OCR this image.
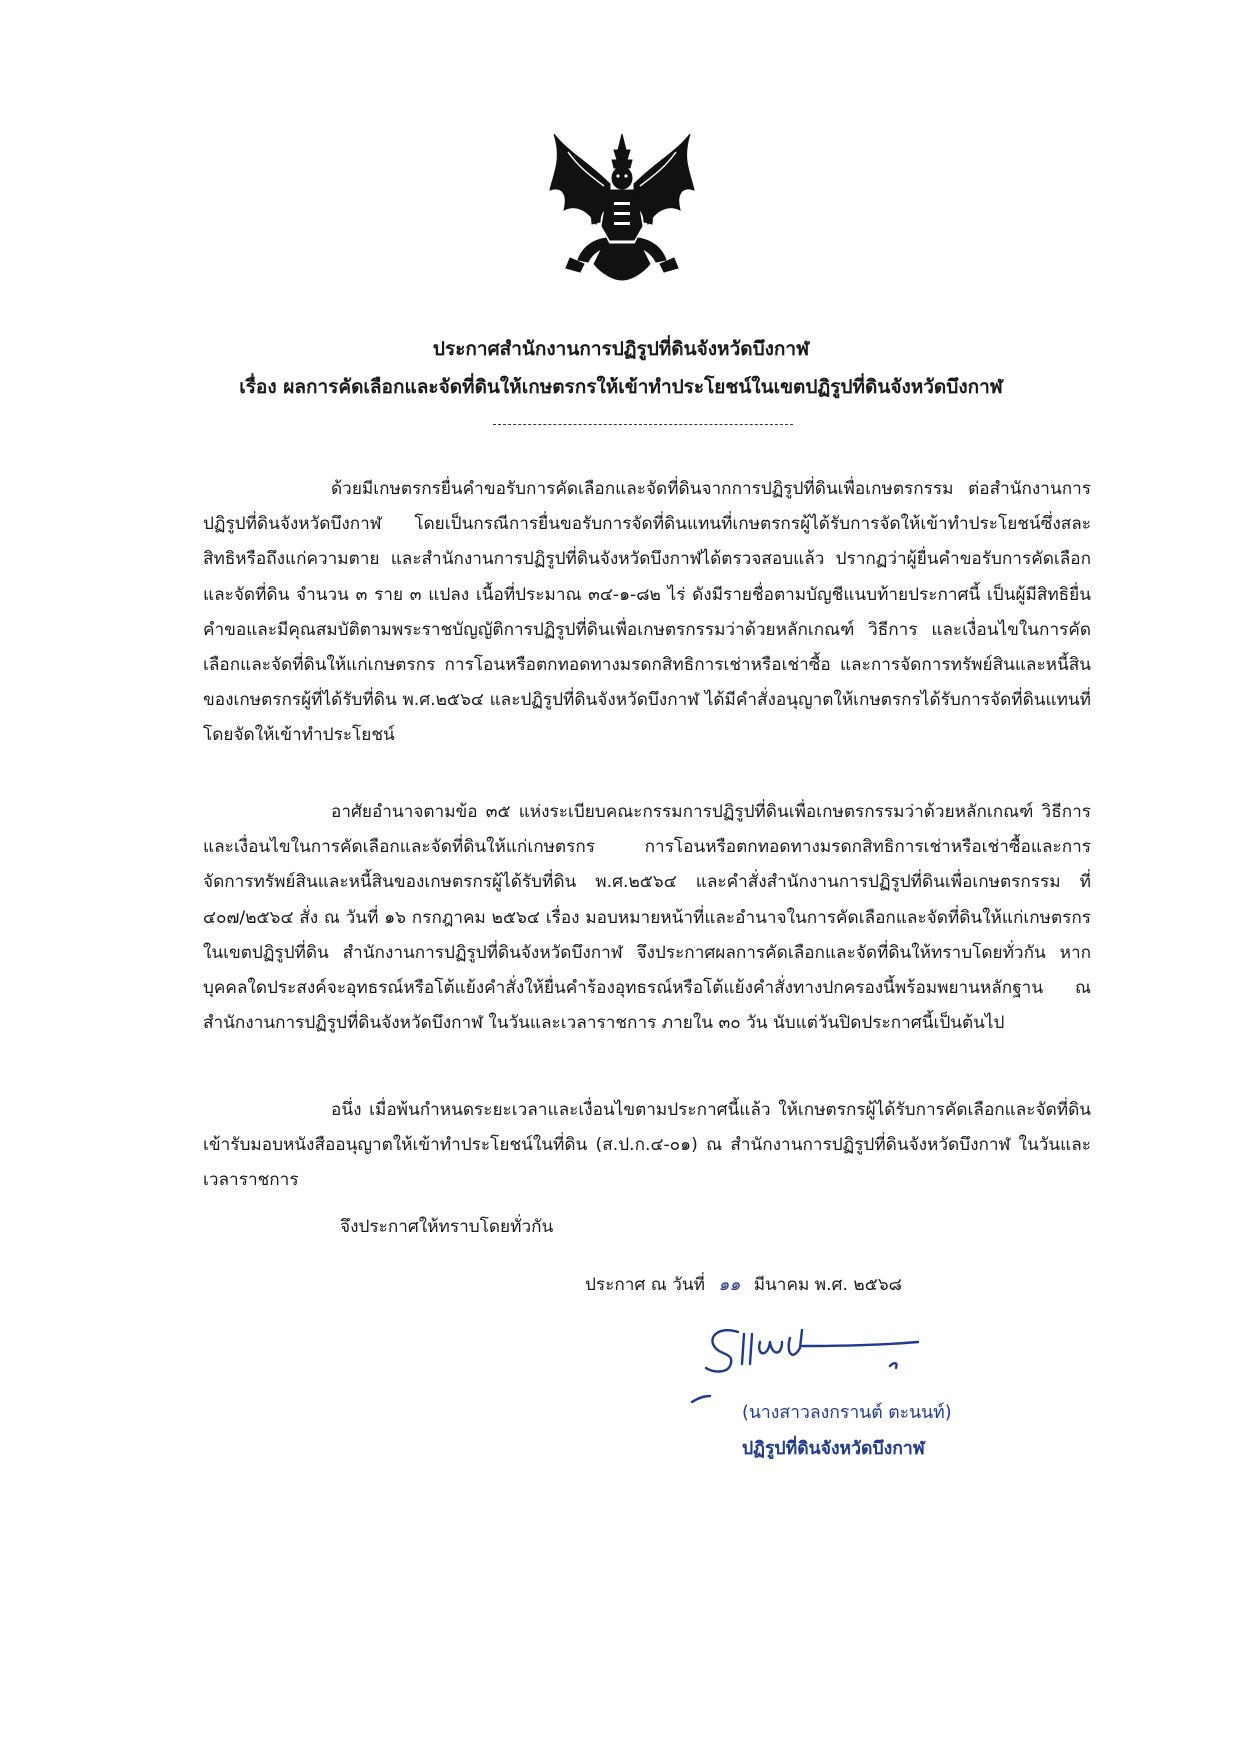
ประกาศสำนักงานการปฏิรูปที่ดินจังหวัดบึงกาฬ
เรื่อง ผลการคัดเลือกและจัดที่ดินให้เกษตรกรให้เข้าทำประโยชน์ในเขตปฏิรูปที่ดินจังหวัดบึงกาฬ

ด้วยมีเกษตรกรยื่นคำขอรับการคัดเลือกและจัดที่ดินจากการปฏิรูปที่ดินเพื่อเกษตรกรรม ต่อสำนักงานการปฏิรูปที่ดินจังหวัดบึงกาฬ โดยเป็นกรณีการยื่นขอรับการจัดที่ดินแทนที่เกษตรกรผู้ได้รับการจัดให้เข้าทำประโยชน์ซึ่งสละสิทธิหรือถึงแก่ความตาย และสำนักงานการปฏิรูปที่ดินจังหวัดบึงกาฬได้ตรวจสอบแล้ว ปรากฏว่าผู้ยื่นคำขอรับการคัดเลือกและจัดที่ดิน จำนวน ๓ ราย ๓ แปลง เนื้อที่ประมาณ ๓๔-๑-๘๒ ไร่ ดังมีรายชื่อตามบัญชีแนบท้ายประกาศนี้ เป็นผู้มีสิทธิยื่นคำขอและมีคุณสมบัติตามพระราชบัญญัติการปฏิรูปที่ดินเพื่อเกษตรกรรมว่าด้วยหลักเกณฑ์ วิธีการ และเงื่อนไขในการคัดเลือกและจัดที่ดินให้แก่เกษตรกร การโอนหรือตกทอดทางมรดกสิทธิการเช่าหรือเช่าซื้อ และการจัดการทรัพย์สินและหนี้สินของเกษตรกรผู้ที่ได้รับที่ดิน พ.ศ.๒๕๖๔ และปฏิรูปที่ดินจังหวัดบึงกาฬ ได้มีคำสั่งอนุญาตให้เกษตรกรได้รับการจัดที่ดินแทนที่โดยจัดให้เข้าทำประโยชน์

อาศัยอำนาจตามข้อ ๓๕ แห่งระเบียบคณะกรรมการปฏิรูปที่ดินเพื่อเกษตรกรรมว่าด้วยหลักเกณฑ์ วิธีการ และเงื่อนไขในการคัดเลือกและจัดที่ดินให้แก่เกษตรกร การโอนหรือตกทอดทางมรดกสิทธิการเช่าหรือเช่าซื้อและการจัดการทรัพย์สินและหนี้สินของเกษตรกรผู้ได้รับที่ดิน พ.ศ.๒๕๖๔ และคำสั่งสำนักงานการปฏิรูปที่ดินเพื่อเกษตรกรรม ที่ ๔๐๗/๒๕๖๔ สั่ง ณ วันที่ ๑๖ กรกฎาคม ๒๕๖๔ เรื่อง มอบหมายหน้าที่และอำนาจในการคัดเลือกและจัดที่ดินให้แก่เกษตรกรในเขตปฏิรูปที่ดิน สำนักงานการปฏิรูปที่ดินจังหวัดบึงกาฬ จึงประกาศผลการคัดเลือกและจัดที่ดินให้ทราบโดยทั่วกัน หากบุคคลใดประสงค์จะอุทธรณ์หรือโต้แย้งคำสั่งให้ยื่นคำร้องอุทธรณ์หรือโต้แย้งคำสั่งทางปกครองนี้พร้อมพยานหลักฐาน ณ สำนักงานการปฏิรูปที่ดินจังหวัดบึงกาฬ ในวันและเวลาราชการ ภายใน ๓๐ วัน นับแต่วันปิดประกาศนี้เป็นต้นไป

อนึ่ง เมื่อพ้นกำหนดระยะเวลาและเงื่อนไขตามประกาศนี้แล้ว ให้เกษตรกรผู้ได้รับการคัดเลือกและจัดที่ดินเข้ารับมอบหนังสืออนุญาตให้เข้าทำประโยชน์ในที่ดิน (ส.ป.ก.๔-๐๑) ณ สำนักงานการปฏิรูปที่ดินจังหวัดบึงกาฬ ในวันและเวลาราชการ

จึงประกาศให้ทราบโดยทั่วกัน
ประกาศ ณ วันที่ ๑๑ มีนาคม พ.ศ. ๒๕๖๘
(นางสาวลงกรานต์ ตะนนท์)
ปฏิรูปที่ดินจังหวัดบึงกาฬ
